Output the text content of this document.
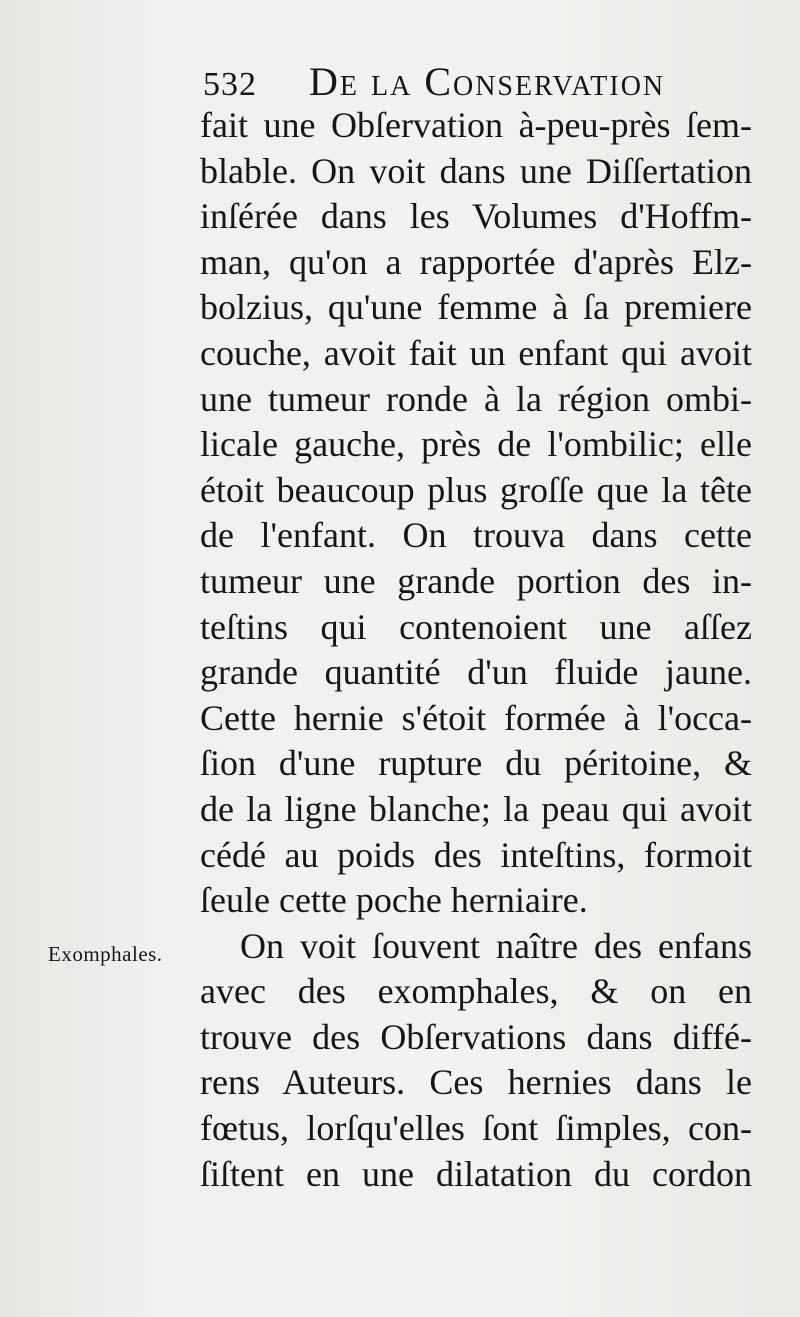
532 De la Conservation
Exomphales.
fait une Obſervation à-peu-près ſem-
blable. On voit dans une Diſſertation
inſérée dans les Volumes d'Hoffm-
man, qu'on a rapportée d'après Elz-
bolzius, qu'une femme à ſa premiere
couche, avoit fait un enfant qui avoit
une tumeur ronde à la région ombi-
licale gauche, près de l'ombilic; elle
étoit beaucoup plus groſſe que la tête
de l'enfant. On trouva dans cette
tumeur une grande portion des in-
teſtins qui contenoient une aſſez
grande quantité d'un fluide jaune.
Cette hernie s'étoit formée à l'occa-
ſion d'une rupture du péritoine, &
de la ligne blanche; la peau qui avoit
cédé au poids des inteſtins, formoit
ſeule cette poche herniaire.
On voit ſouvent naître des enfans
avec des exomphales, & on en
trouve des Obſervations dans diffé-
rens Auteurs. Ces hernies dans le
fœtus, lorſqu'elles ſont ſimples, con-
ſiſtent en une dilatation du cordon
